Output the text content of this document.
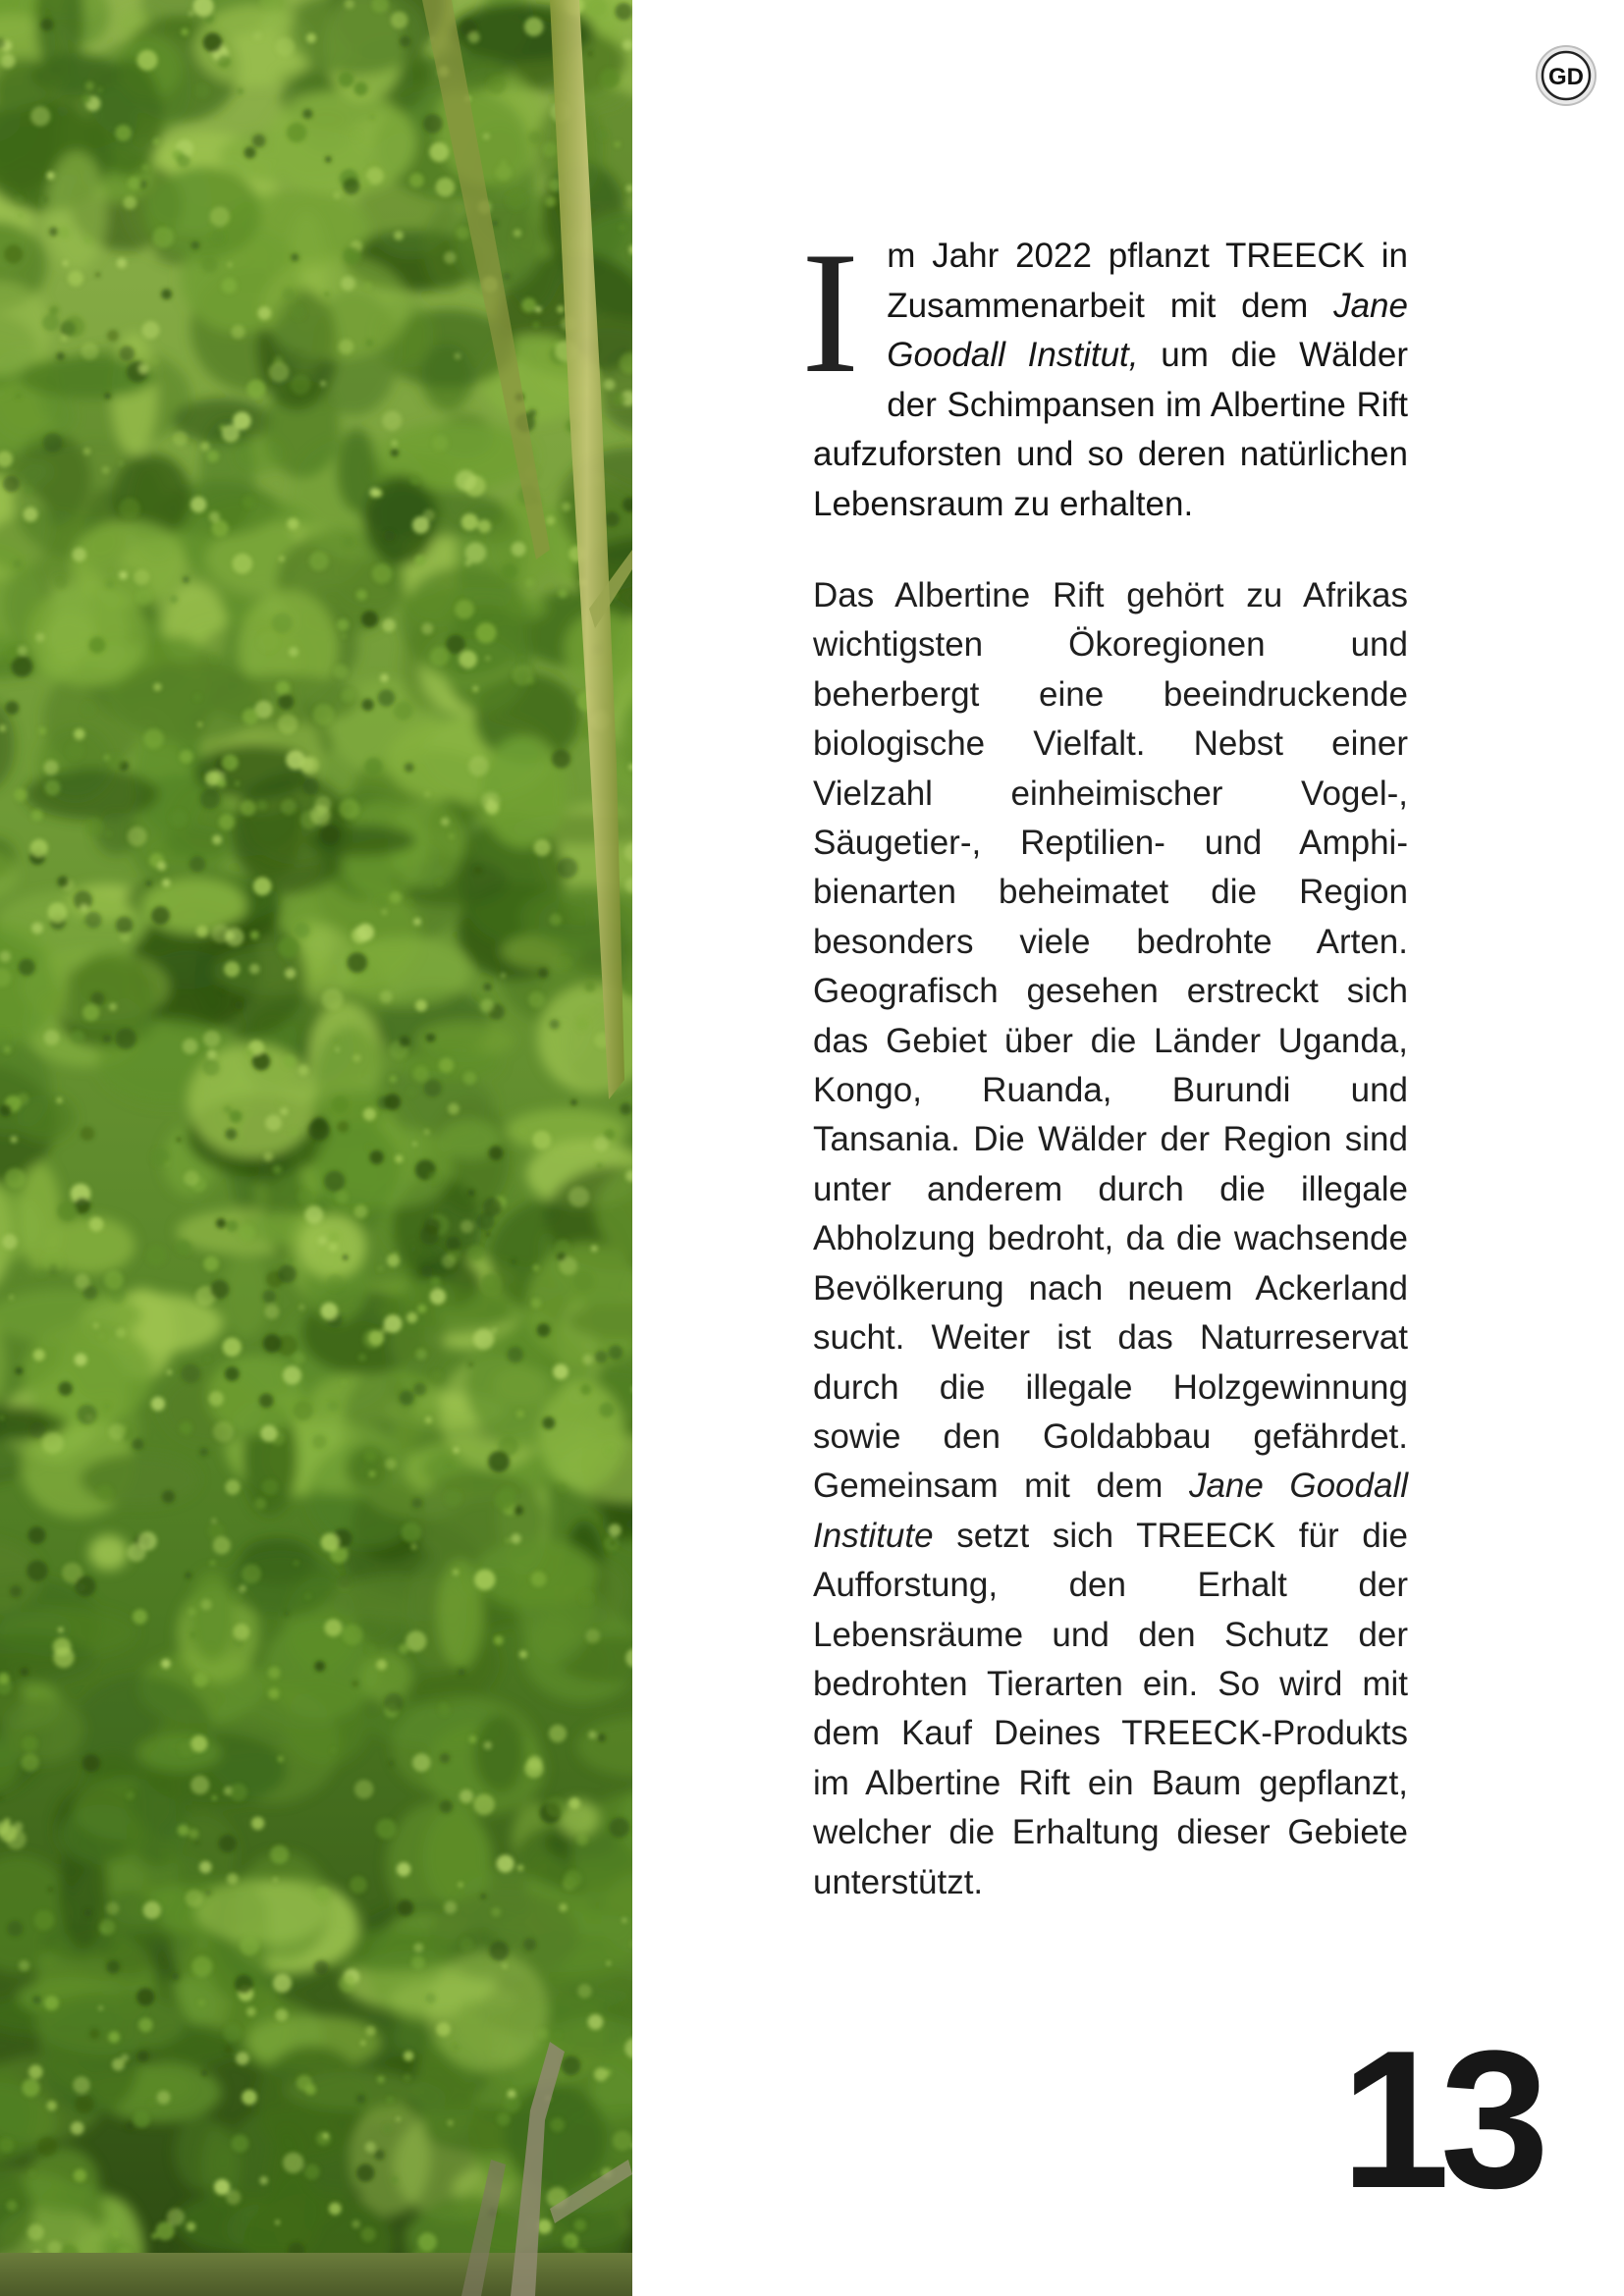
GD

Im Jahr 2022 pflanzt TREECK in Zusammenarbeit mit dem Jane Goodall Institut, um die Wälder der Schimpansen im Albertine Rift aufzuforsten und so deren natürlichen Lebensraum zu erhalten.

Das Albertine Rift gehört zu Afrikas wichtigsten Ökoregionen und beherbergt eine beeindruckende biologische Vielfalt. Nebst einer Vielzahl einheimischer Vogel-, Säugetier-, Reptilien- und Amphibienarten beheimatet die Region besonders viele bedrohte Arten. Geografisch gesehen erstreckt sich das Gebiet über die Länder Uganda, Kongo, Ruanda, Burundi und Tansania. Die Wälder der Region sind unter anderem durch die illegale Abholzung bedroht, da die wachsende Bevölkerung nach neuem Ackerland sucht. Weiter ist das Naturreservat durch die illegale Holzgewinnung sowie den Goldabbau gefährdet. Gemeinsam mit dem Jane Goodall Institute setzt sich TREECK für die Aufforstung, den Erhalt der Lebensräume und den Schutz der bedrohten Tierarten ein. So wird mit dem Kauf Deines TREECK-Produkts im Albertine Rift ein Baum gepflanzt, welcher die Erhaltung dieser Gebiete unterstützt.

13
